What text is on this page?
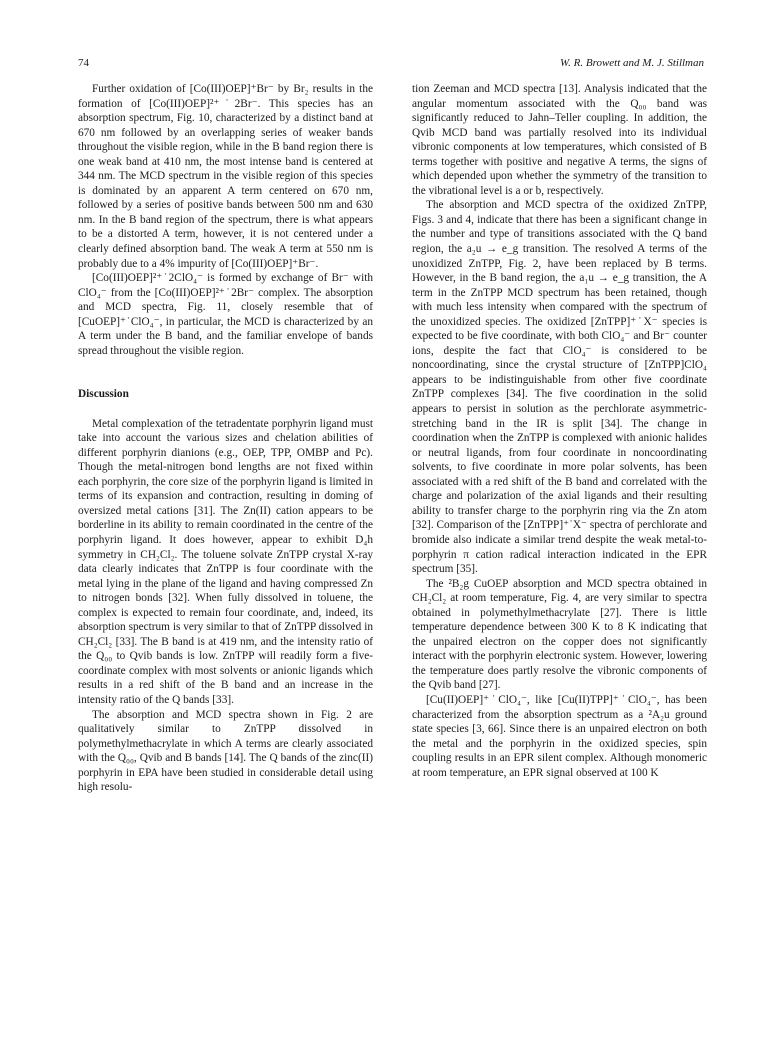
74	W. R. Browett and M. J. Stillman

Further oxidation of [Co(III)OEP]⁺Br⁻ by Br₂ results in the formation of [Co(III)OEP]²⁺˙2Br⁻. This species has an absorption spectrum, Fig. 10, characterized by a distinct band at 670 nm followed by an overlapping series of weaker bands throughout the visible region, while in the B band region there is one weak band at 410 nm, the most intense band is centered at 344 nm. The MCD spectrum in the visible region of this species is dominated by an apparent A term centered on 670 nm, followed by a series of positive bands between 500 nm and 630 nm. In the B band region of the spectrum, there is what appears to be a distorted A term, however, it is not centered under a clearly defined absorption band. The weak A term at 550 nm is probably due to a 4% impurity of [Co(III)OEP]⁺Br⁻.

[Co(III)OEP]²⁺˙2ClO₄⁻ is formed by exchange of Br⁻ with ClO₄⁻ from the [Co(III)OEP]²⁺˙2Br⁻ complex. The absorption and MCD spectra, Fig. 11, closely resemble that of [CuOEP]⁺˙ClO₄⁻, in particular, the MCD is characterized by an A term under the B band, and the familiar envelope of bands spread throughout the visible region.

Discussion

Metal complexation of the tetradentate porphyrin ligand must take into account the various sizes and chelation abilities of different porphyrin dianions (e.g., OEP, TPP, OMBP and Pc). Though the metal-nitrogen bond lengths are not fixed within each porphyrin, the core size of the porphyrin ligand is limited in terms of its expansion and contraction, resulting in doming of oversized metal cations [31]. The Zn(II) cation appears to be borderline in its ability to remain coordinated in the centre of the porphyrin ligand. It does however, appear to exhibit D₄h symmetry in CH₂Cl₂. The toluene solvate ZnTPP crystal X-ray data clearly indicates that ZnTPP is four coordinate with the metal lying in the plane of the ligand and having compressed Zn to nitrogen bonds [32]. When fully dissolved in toluene, the complex is expected to remain four coordinate, and, indeed, its absorption spectrum is very similar to that of ZnTPP dissolved in CH₂Cl₂ [33]. The B band is at 419 nm, and the intensity ratio of the Q₀₀ to Qvib bands is low. ZnTPP will readily form a five-coordinate complex with most solvents or anionic ligands which results in a red shift of the B band and an increase in the intensity ratio of the Q bands [33].

The absorption and MCD spectra shown in Fig. 2 are qualitatively similar to ZnTPP dissolved in polymethylmethacrylate in which A terms are clearly associated with the Q₀₀, Qvib and B bands [14]. The Q bands of the zinc(II) porphyrin in EPA have been studied in considerable detail using high resolu-

tion Zeeman and MCD spectra [13]. Analysis indicated that the angular momentum associated with the Q₀₀ band was significantly reduced to Jahn–Teller coupling. In addition, the Qvib MCD band was partially resolved into its individual vibronic components at low temperatures, which consisted of B terms together with positive and negative A terms, the signs of which depended upon whether the symmetry of the transition to the vibrational level is a or b, respectively.

The absorption and MCD spectra of the oxidized ZnTPP, Figs. 3 and 4, indicate that there has been a significant change in the number and type of transitions associated with the Q band region, the a₂u → e_g transition. The resolved A terms of the unoxidized ZnTPP, Fig. 2, have been replaced by B terms. However, in the B band region, the a₁u → e_g transition, the A term in the ZnTPP MCD spectrum has been retained, though with much less intensity when compared with the spectrum of the unoxidized species. The oxidized [ZnTPP]⁺˙X⁻ species is expected to be five coordinate, with both ClO₄⁻ and Br⁻ counter ions, despite the fact that ClO₄⁻ is considered to be noncoordinating, since the crystal structure of [ZnTPP]ClO₄ appears to be indistinguishable from other five coordinate ZnTPP complexes [34]. The five coordination in the solid appears to persist in solution as the perchlorate asymmetric-stretching band in the IR is split [34]. The change in coordination when the ZnTPP is complexed with anionic halides or neutral ligands, from four coordinate in noncoordinating solvents, to five coordinate in more polar solvents, has been associated with a red shift of the B band and correlated with the charge and polarization of the axial ligands and their resulting ability to transfer charge to the porphyrin ring via the Zn atom [32]. Comparison of the [ZnTPP]⁺˙X⁻ spectra of perchlorate and bromide also indicate a similar trend despite the weak metal-to-porphyrin π cation radical interaction indicated in the EPR spectrum [35].

The ²B₂g CuOEP absorption and MCD spectra obtained in CH₂Cl₂ at room temperature, Fig. 4, are very similar to spectra obtained in polymethylmethacrylate [27]. There is little temperature dependence between 300 K to 8 K indicating that the unpaired electron on the copper does not significantly interact with the porphyrin electronic system. However, lowering the temperature does partly resolve the vibronic components of the Qvib band [27].

[Cu(II)OEP]⁺˙ClO₄⁻, like [Cu(II)TPP]⁺˙ClO₄⁻, has been characterized from the absorption spectrum as a ²A₂u ground state species [3, 66]. Since there is an unpaired electron on both the metal and the porphyrin in the oxidized species, spin coupling results in an EPR silent complex. Although monomeric at room temperature, an EPR signal observed at 100 K
